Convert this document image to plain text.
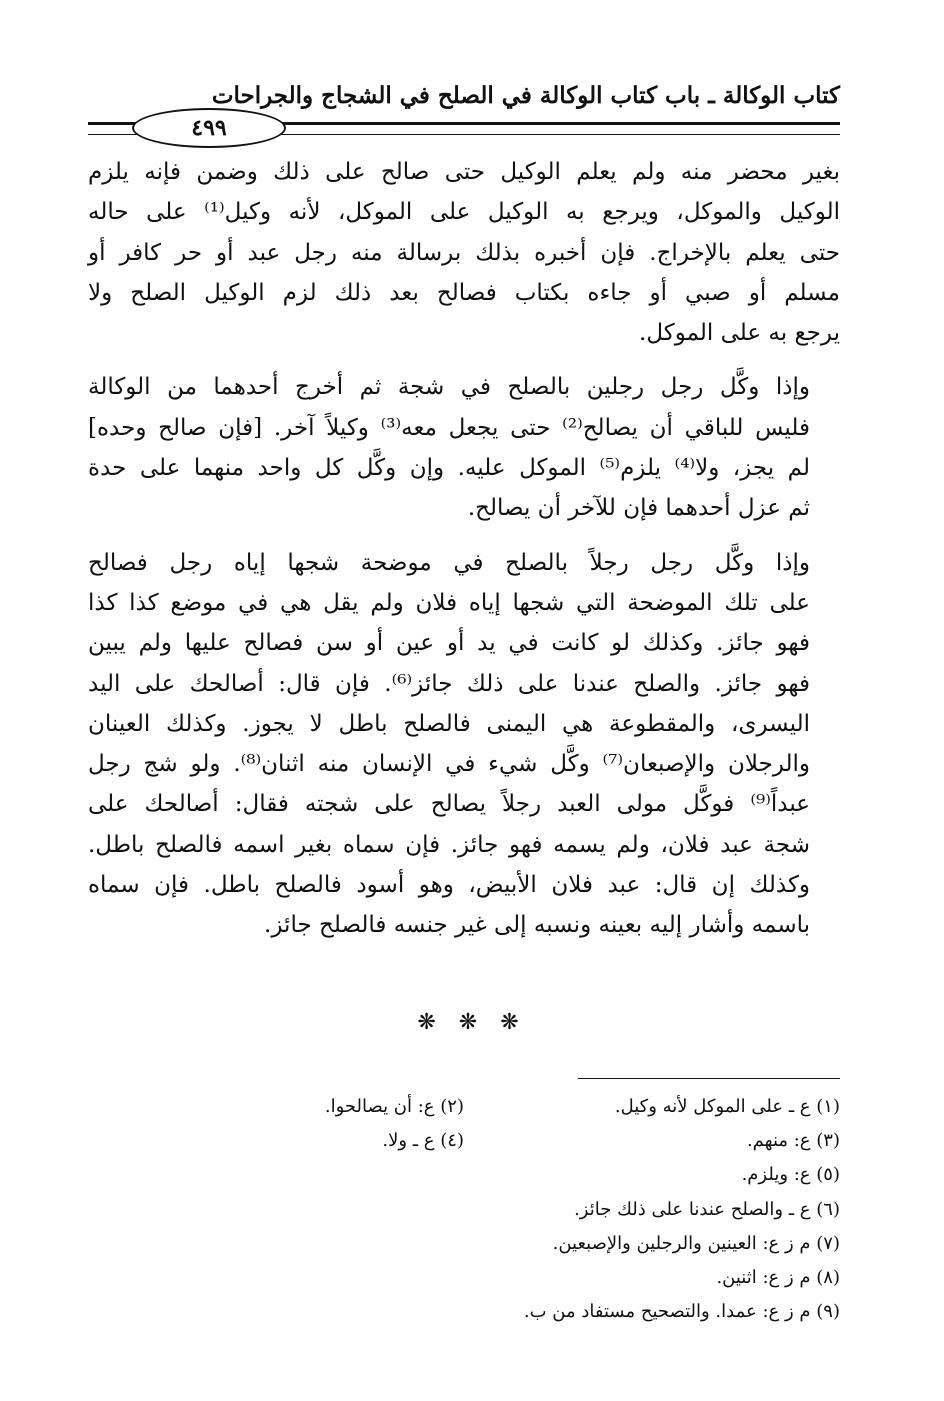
كتاب الوكالة ـ باب كتاب الوكالة في الصلح في الشجاج والجراحات
٤٩٩
بغير محضر منه ولم يعلم الوكيل حتى صالح على ذلك وضمن فإنه يلزم
الوكيل والموكل، ويرجع به الوكيل على الموكل، لأنه وكيل⁽¹⁾ على حاله
حتى يعلم بالإخراج. فإن أخبره بذلك برسالة منه رجل عبد أو حر كافر أو
مسلم أو صبي أو جاءه بكتاب فصالح بعد ذلك لزم الوكيل الصلح ولا
يرجع به على الموكل.
وإذا وكَّل رجل رجلين بالصلح في شجة ثم أخرج أحدهما من الوكالة
فليس للباقي أن يصالح⁽²⁾ حتى يجعل معه⁽³⁾ وكيلاً آخر. [فإن صالح وحده]
لم يجز، ولا⁽⁴⁾ يلزم⁽⁵⁾ الموكل عليه. وإن وكَّل كل واحد منهما على حدة
ثم عزل أحدهما فإن للآخر أن يصالح.
وإذا وكَّل رجل رجلاً بالصلح في موضحة شجها إياه رجل فصالح
على تلك الموضحة التي شجها إياه فلان ولم يقل هي في موضع كذا كذا
فهو جائز. وكذلك لو كانت في يد أو عين أو سن فصالح عليها ولم يبين
فهو جائز. والصلح عندنا على ذلك جائز⁽⁶⁾. فإن قال: أصالحك على اليد
اليسرى، والمقطوعة هي اليمنى فالصلح باطل لا يجوز. وكذلك العينان
والرجلان والإصبعان⁽⁷⁾ وكَّل شيء في الإنسان منه اثنان⁽⁸⁾. ولو شج رجل
عبداً⁽⁹⁾ فوكَّل مولى العبد رجلاً يصالح على شجته فقال: أصالحك على
شجة عبد فلان، ولم يسمه فهو جائز. فإن سماه بغير اسمه فالصلح باطل.
وكذلك إن قال: عبد فلان الأبيض، وهو أسود فالصلح باطل. فإن سماه
باسمه وأشار إليه بعينه ونسبه إلى غير جنسه فالصلح جائز.
❋ ❋ ❋
(١) ع ـ على الموكل لأنه وكيل.
(٢) ع: أن يصالحوا.
(٣) ع: منهم.
(٤) ع ـ ولا.
(٥) ع: ويلزم.
(٦) ع ـ والصلح عندنا على ذلك جائز.
(٧) م ز ع: العينين والرجلين والإصبعين.
(٨) م ز ع: اثنين.
(٩) م ز ع: عمدا. والتصحيح مستفاد من ب.
